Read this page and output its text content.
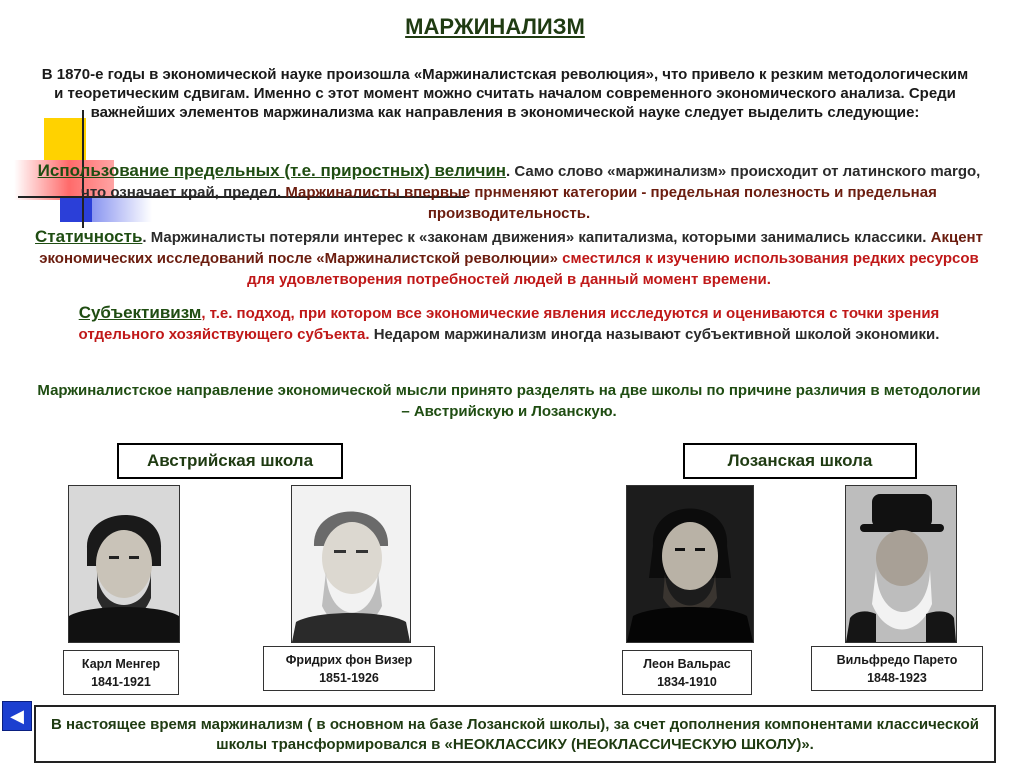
МАРЖИНАЛИЗМ
В 1870-е годы в экономической науке произошла «Маржиналистская революция», что привело к резким методологическим и теоретическим сдвигам. Именно с этот момент можно считать началом современного экономического анализа. Среди важнейших элементов маржинализма как направления в экономической науке следует выделить следующие:
Использование предельных (т.е. приростных) величин. Само слово «маржинализм» происходит от латинского margo, что означает край, предел. Маржиналисты впервые прнменяют категории - предельная полезность и предельная производительность.
Статичность. Маржиналисты потеряли интерес к «законам движения» капитализма, которыми занимались классики. Акцент экономических исследований после «Маржиналистской революции» сместился к изучению использования редких ресурсов для удовлетворения потребностей людей в данный момент времени.
Субъективизм, т.е. подход, при котором все экономические явления исследуются и оцениваются с точки зрения отдельного хозяйствующего субъекта. Недаром маржинализм иногда называют субъективной школой экономики.
Маржиналистское направление экономической мысли принято разделять на две школы по причине различия в методологии – Австрийскую и Лозанскую.
Австрийская школа	Лозанская школа
Карл Менгер
1841-1921
Фридрих фон Визер
1851-1926
Леон Вальрас
1834-1910
Вильфредо Парето
1848-1923
◀	В настоящее время маржинализм ( в основном на базе Лозанской школы), за счет дополнения компонентами классической школы трансформировался в «НЕОКЛАССИКУ (НЕОКЛАССИЧЕСКУЮ ШКОЛУ)».
